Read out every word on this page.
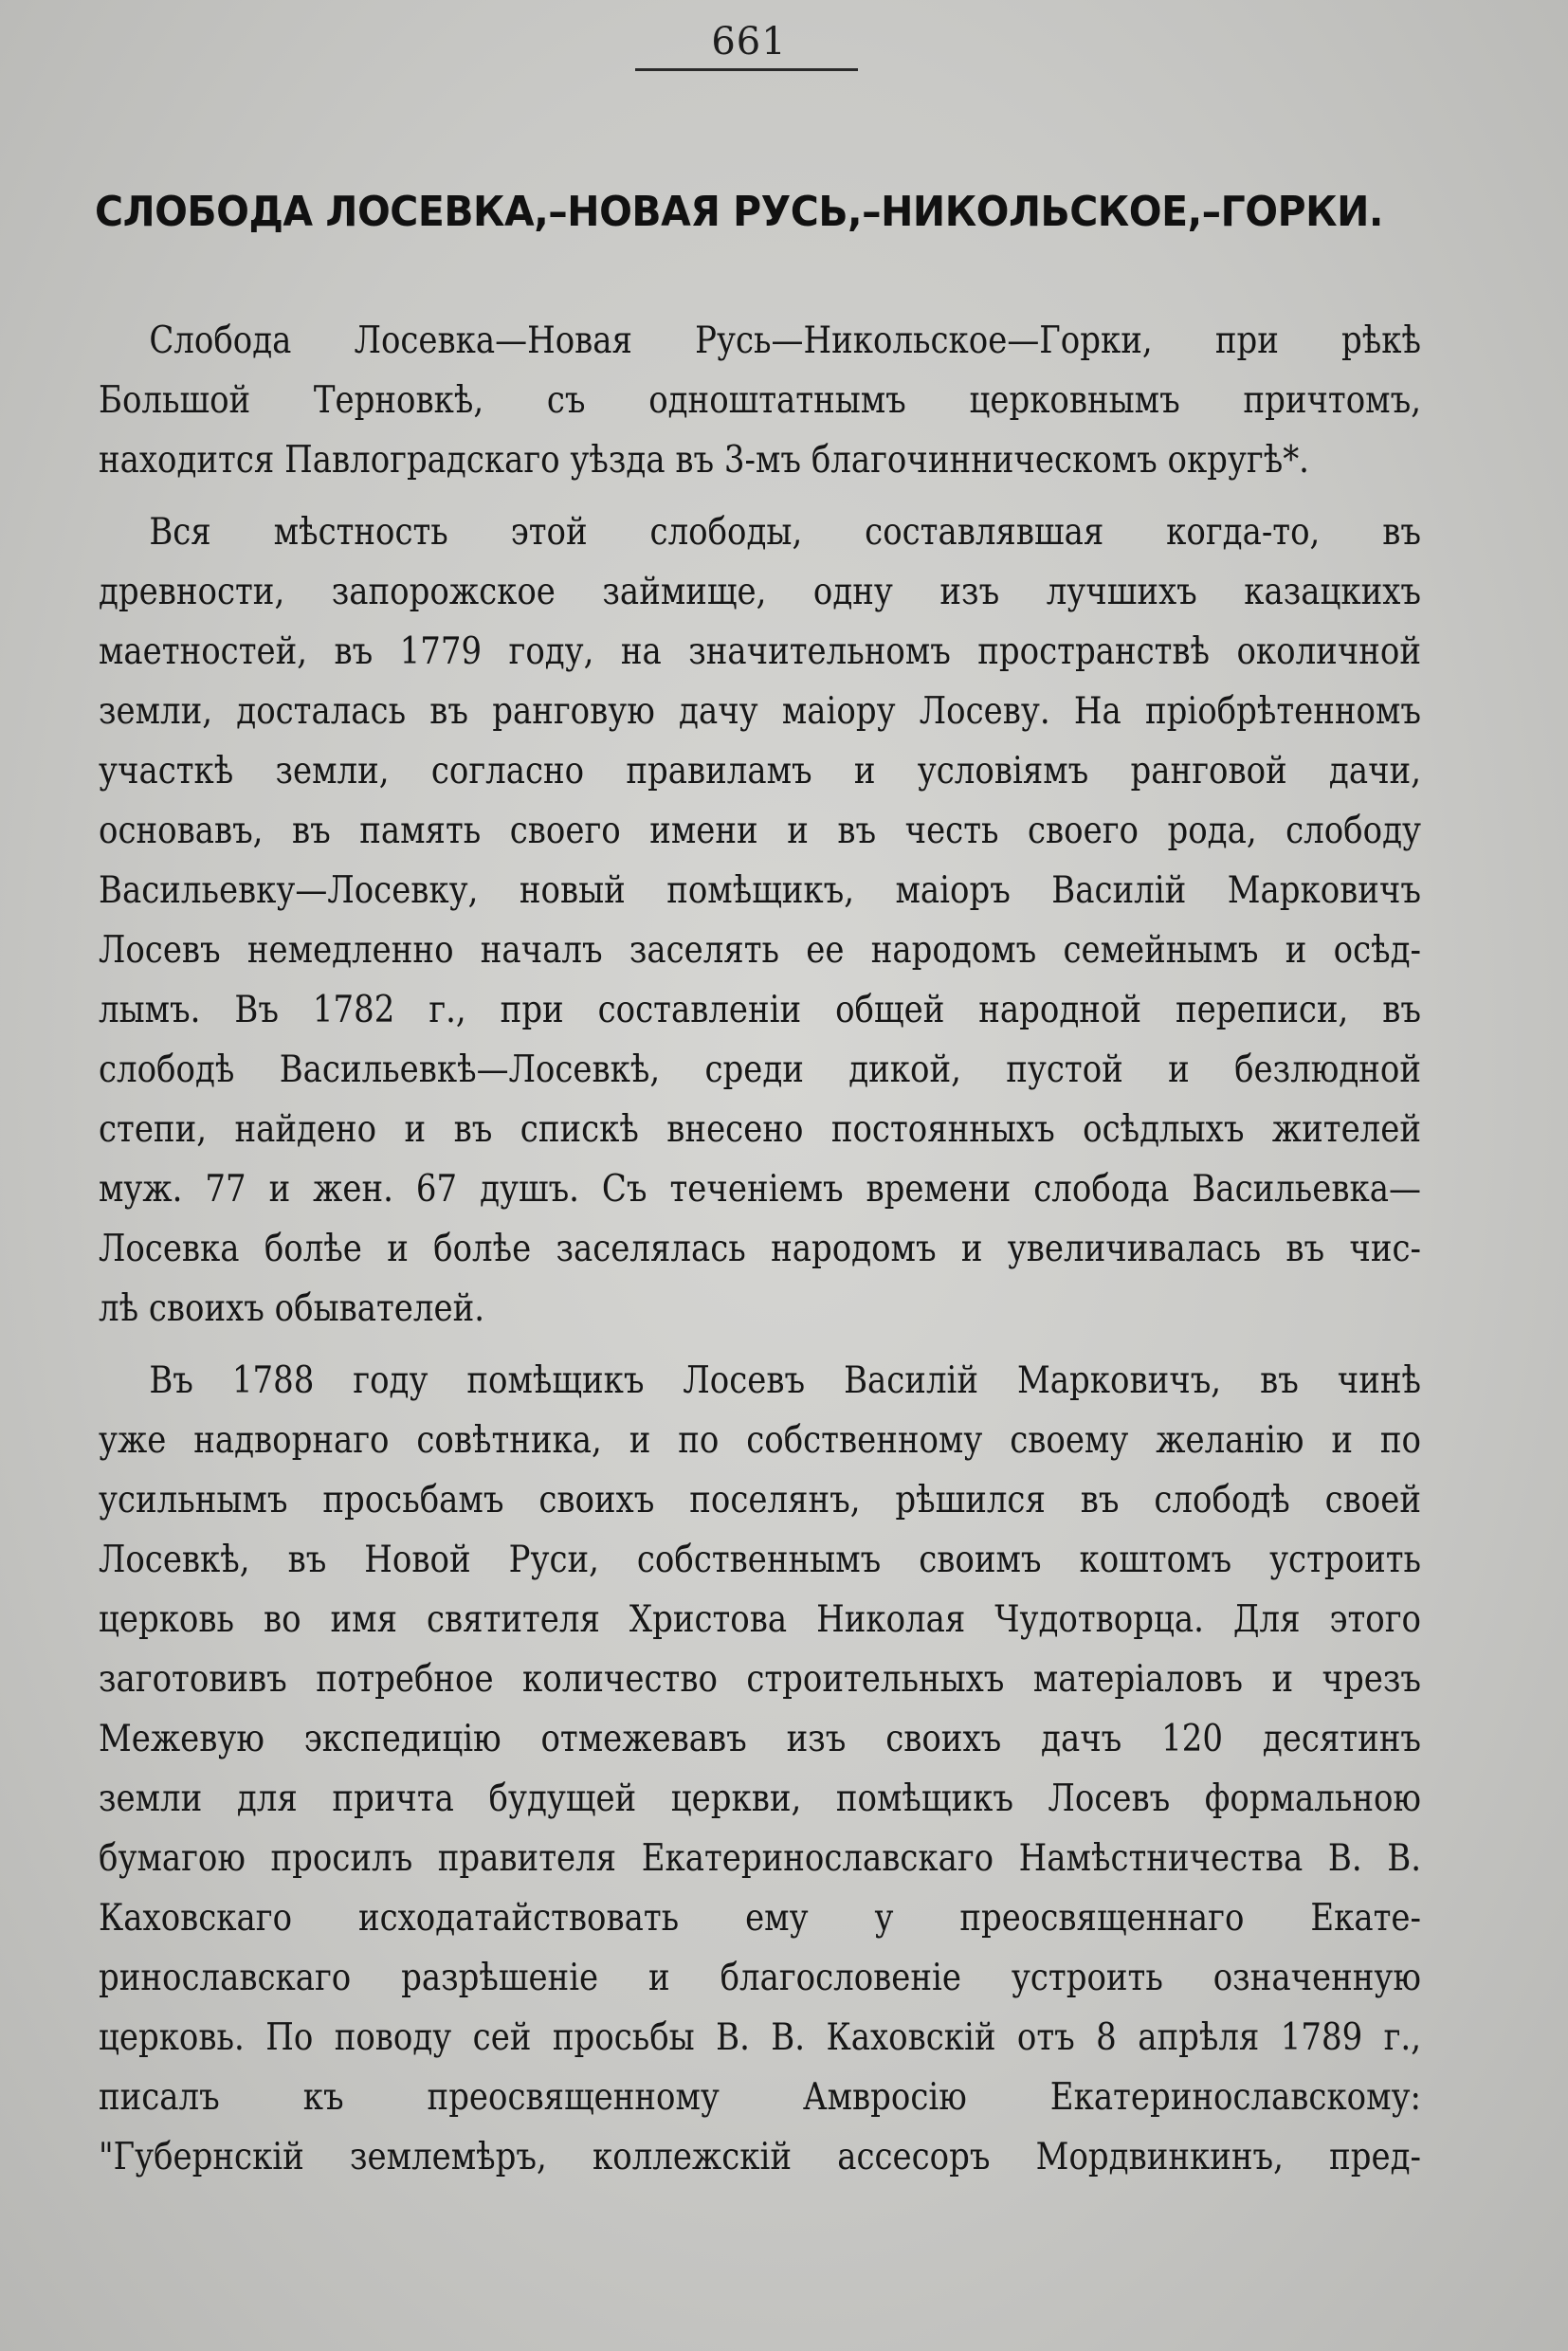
661
СЛОБОДА ЛОСЕВКА,–НОВАЯ РУСЬ,–НИКОЛЬСКОЕ,–ГОРКИ.

Слобода Лосевка—Новая Русь—Никольское—Горки, при рѣкѣ
Большой Терновкѣ, съ одноштатнымъ церковнымъ причтомъ,
находится Павлоградскаго уѣзда въ 3-мъ благочинническомъ округѣ*.

Вся мѣстность этой слободы, составлявшая когда-то, въ
древности, запорожское займище, одну изъ лучшихъ казацкихъ
маетностей, въ 1779 году, на значительномъ пространствѣ околичной
земли, досталась въ ранговую дачу маіору Лосеву. На пріобрѣтенномъ
участкѣ земли, согласно правиламъ и условіямъ ранговой дачи,
основавъ, въ память своего имени и въ честь своего рода, слободу
Васильевку—Лосевку, новый помѣщикъ, маіоръ Василій Марковичъ
Лосевъ немедленно началъ заселять ее народомъ семейнымъ и осѣд-
лымъ. Въ 1782 г., при составленіи общей народной переписи, въ
слободѣ Васильевкѣ—Лосевкѣ, среди дикой, пустой и безлюдной
степи, найдено и въ спискѣ внесено постоянныхъ осѣдлыхъ жителей
муж. 77 и жен. 67 душъ. Съ теченіемъ времени слобода Васильевка—
Лосевка болѣе и болѣе заселялась народомъ и увеличивалась въ чис-
лѣ своихъ обывателей.

Въ 1788 году помѣщикъ Лосевъ Василій Марковичъ, въ чинѣ
уже надворнаго совѣтника, и по собственному своему желанію и по
усильнымъ просьбамъ своихъ поселянъ, рѣшился въ слободѣ своей
Лосевкѣ, въ Новой Руси, собственнымъ своимъ коштомъ устроить
церковь во имя святителя Христова Николая Чудотворца. Для этого
заготовивъ потребное количество строительныхъ матеріаловъ и чрезъ
Межевую экспедицію отмежевавъ изъ своихъ дачъ 120 десятинъ
земли для причта будущей церкви, помѣщикъ Лосевъ формальною
бумагою просилъ правителя Екатеринославскаго Намѣстничества В. В.
Каховскаго исходатайствовать ему у преосвященнаго Екате-
ринославскаго разрѣшеніе и благословеніе устроить означенную
церковь. По поводу сей просьбы В. В. Каховскій отъ 8 апрѣля 1789 г.,
писалъ къ преосвященному Амвросію Екатеринославскому:
"Губернскій землемѣръ, коллежскій ассесоръ Мордвинкинъ, пред-
